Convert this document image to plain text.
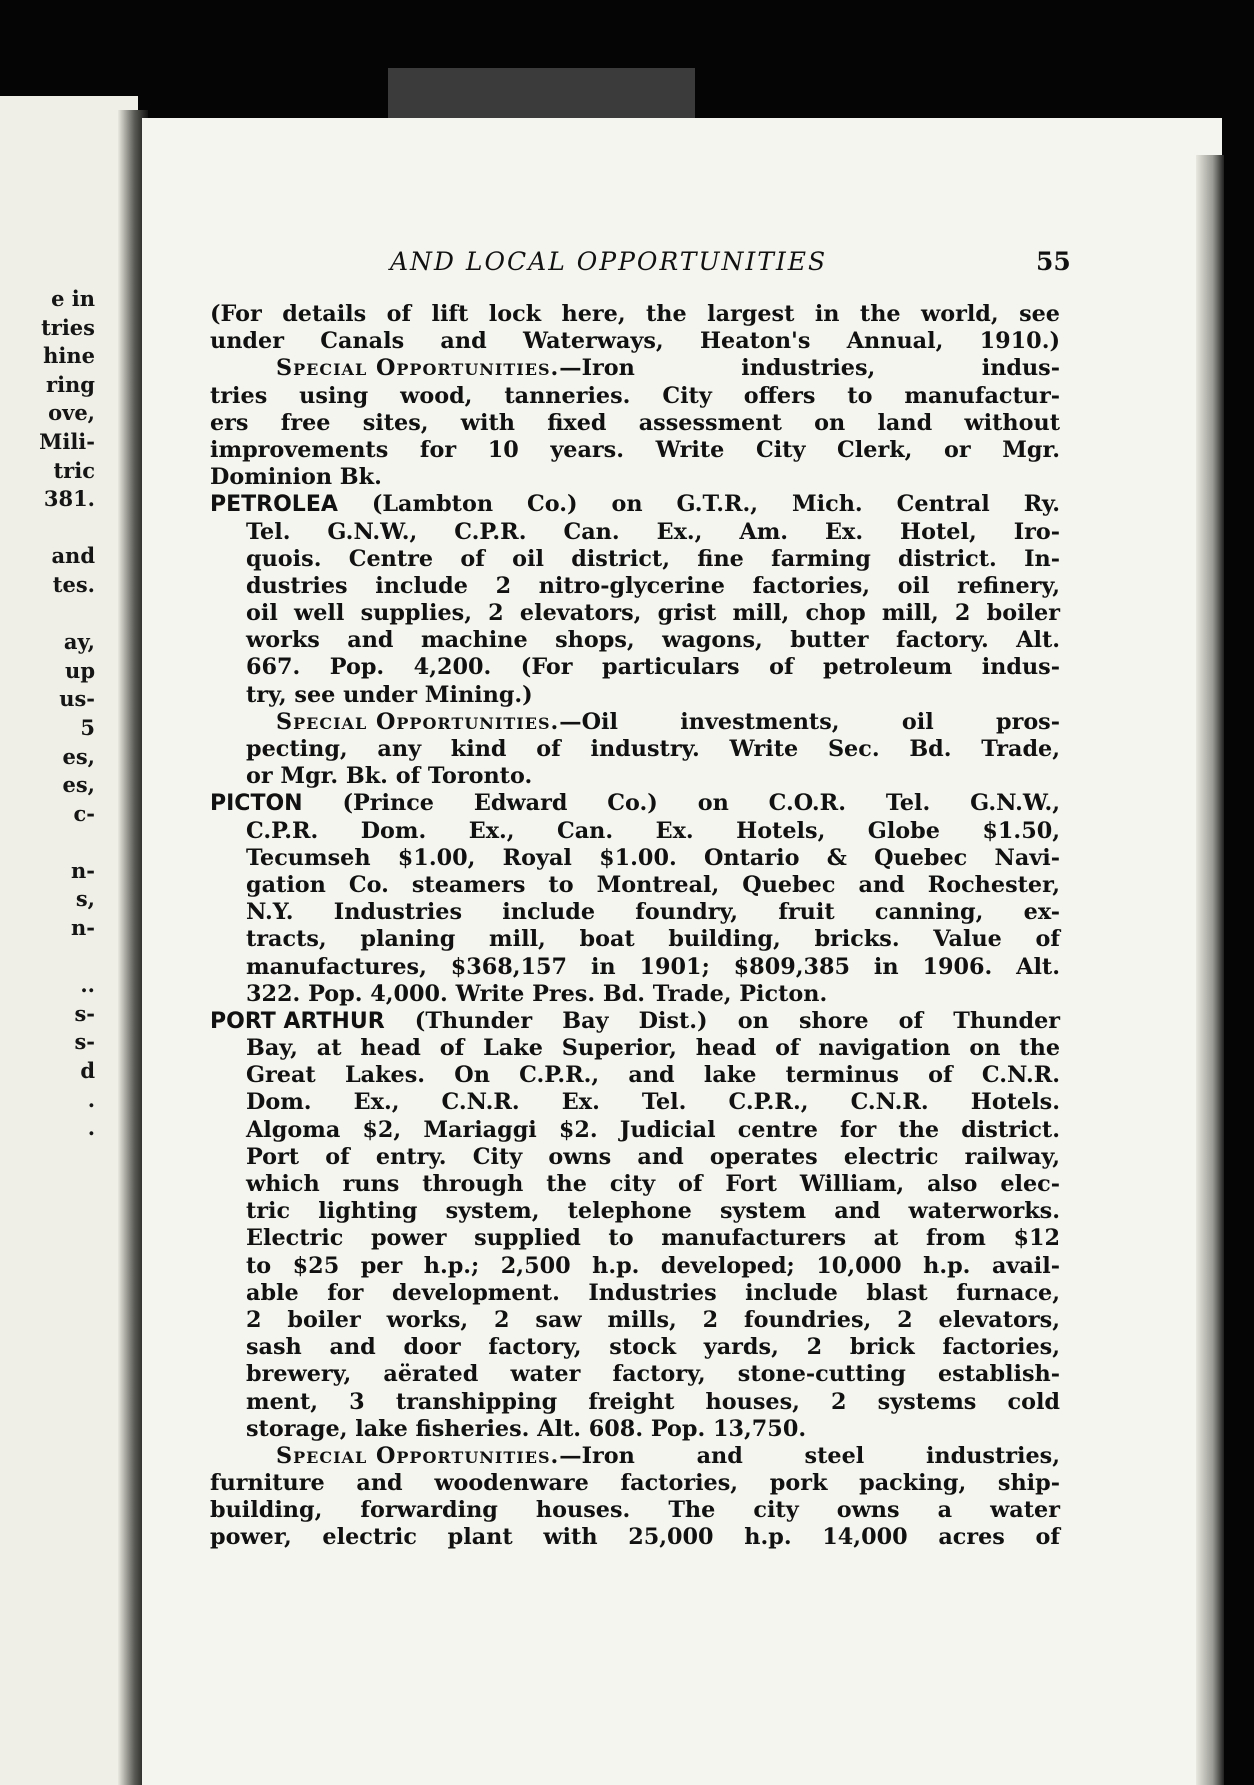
e in
tries
hine
ring
ove,
Mili-
tric
381.
and
tes.
ay,
up
us-
5
es,
es,
c-
n-
s,
n-
..
s-
s-
d
.
.
AND LOCAL OPPORTUNITIES	55
(For details of lift lock here, the largest in the world, see
under Canals and Waterways, Heaton's Annual, 1910.)
Special Opportunities. —Iron industries, indus-
tries using wood, tanneries. City offers to manufactur-
ers free sites, with fixed assessment on land without
improvements for 10 years. Write City Clerk, or Mgr.
Dominion Bk.
PETROLEA (Lambton Co.) on G.T.R., Mich. Central Ry.
Tel. G.N.W., C.P.R. Can. Ex., Am. Ex. Hotel, Iro-
quois. Centre of oil district, fine farming district. In-
dustries include 2 nitro-glycerine factories, oil refinery,
oil well supplies, 2 elevators, grist mill, chop mill, 2 boiler
works and machine shops, wagons, butter factory. Alt.
667. Pop. 4,200. (For particulars of petroleum indus-
try, see under Mining.)
Special Opportunities. —Oil investments, oil pros-
pecting, any kind of industry. Write Sec. Bd. Trade,
or Mgr. Bk. of Toronto.
PICTON (Prince Edward Co.) on C.O.R. Tel. G.N.W.,
C.P.R. Dom. Ex., Can. Ex. Hotels, Globe $1.50,
Tecumseh $1.00, Royal $1.00. Ontario & Quebec Navi-
gation Co. steamers to Montreal, Quebec and Rochester,
N.Y. Industries include foundry, fruit canning, ex-
tracts, planing mill, boat building, bricks. Value of
manufactures, $368,157 in 1901; $809,385 in 1906. Alt.
322. Pop. 4,000. Write Pres. Bd. Trade, Picton.
PORT ARTHUR (Thunder Bay Dist.) on shore of Thunder
Bay, at head of Lake Superior, head of navigation on the
Great Lakes. On C.P.R., and lake terminus of C.N.R.
Dom. Ex., C.N.R. Ex. Tel. C.P.R., C.N.R. Hotels.
Algoma $2, Mariaggi $2. Judicial centre for the district.
Port of entry. City owns and operates electric railway,
which runs through the city of Fort William, also elec-
tric lighting system, telephone system and waterworks.
Electric power supplied to manufacturers at from $12
to $25 per h.p.; 2,500 h.p. developed; 10,000 h.p. avail-
able for development. Industries include blast furnace,
2 boiler works, 2 saw mills, 2 foundries, 2 elevators,
sash and door factory, stock yards, 2 brick factories,
brewery, aërated water factory, stone-cutting establish-
ment, 3 transhipping freight houses, 2 systems cold
storage, lake fisheries. Alt. 608. Pop. 13,750.
Special Opportunities. —Iron and steel industries,
furniture and woodenware factories, pork packing, ship-
building, forwarding houses. The city owns a water
power, electric plant with 25,000 h.p. 14,000 acres of
